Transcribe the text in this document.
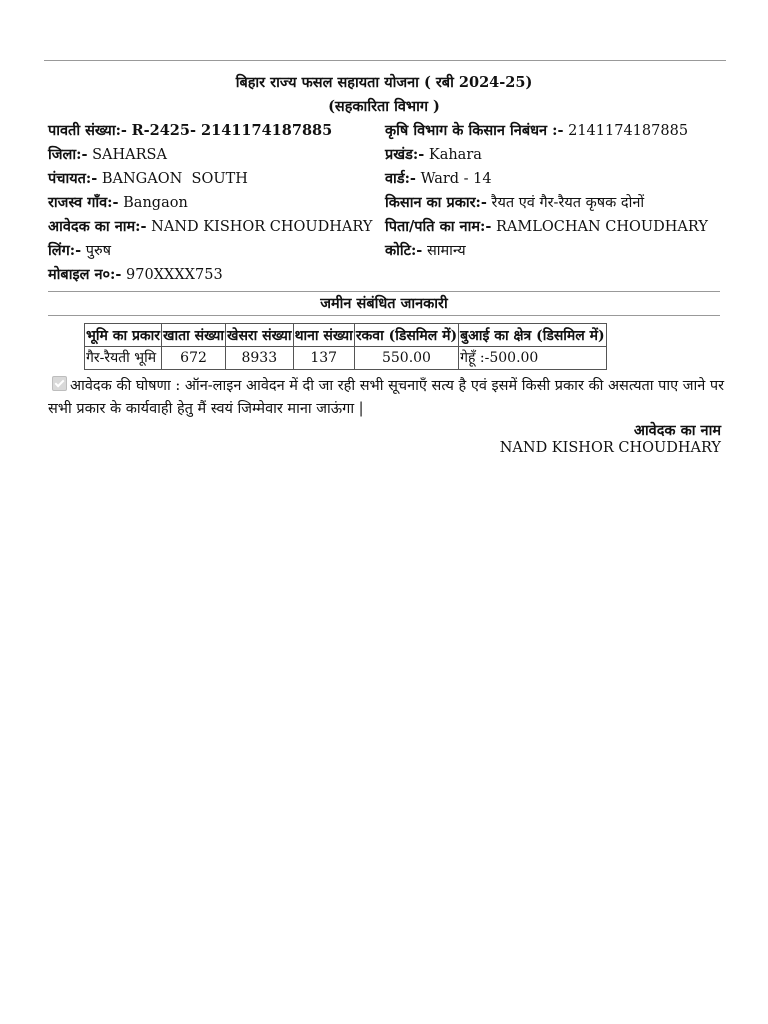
बिहार राज्य फसल सहायता योजना ( रबी 2024-25)
(सहकारिता विभाग )
पावती संख्या:- R-2425- 2141174187885	कृषि विभाग के किसान निबंधन :- 2141174187885
जिला:- SAHARSA	प्रखंड:- Kahara
पंचायत:- BANGAON  SOUTH	वार्ड:- Ward - 14
राजस्व गाँव:- Bangaon	किसान का प्रकार:- रैयत एवं गैर-रैयत कृषक दोनों
आवेदक का नाम:- NAND KISHOR CHOUDHARY पिता/पति का नाम:- RAMLOCHAN CHOUDHARY
लिंग:- पुरुष	कोटि:- सामान्य
मोबाइल न०:- 970XXXX753
जमीन संबंधित जानकारी
भूमि का प्रकार	खाता संख्या	खेसरा संख्या	थाना संख्या	रकवा (डिसमिल में)	बुआई का क्षेत्र (डिसमिल में)
गैर-रैयती भूमि	672	8933	137	550.00	गेहूँ :-500.00
आवेदक की घोषणा : ऑन-लाइन आवेदन में दी जा रही सभी सूचनाएँ सत्य है एवं इसमें किसी प्रकार की असत्यता पाए जाने पर सभी प्रकार के कार्यवाही हेतु मैं स्वयं जिम्मेवार माना जाऊंगा |
आवेदक का नाम
NAND KISHOR CHOUDHARY
